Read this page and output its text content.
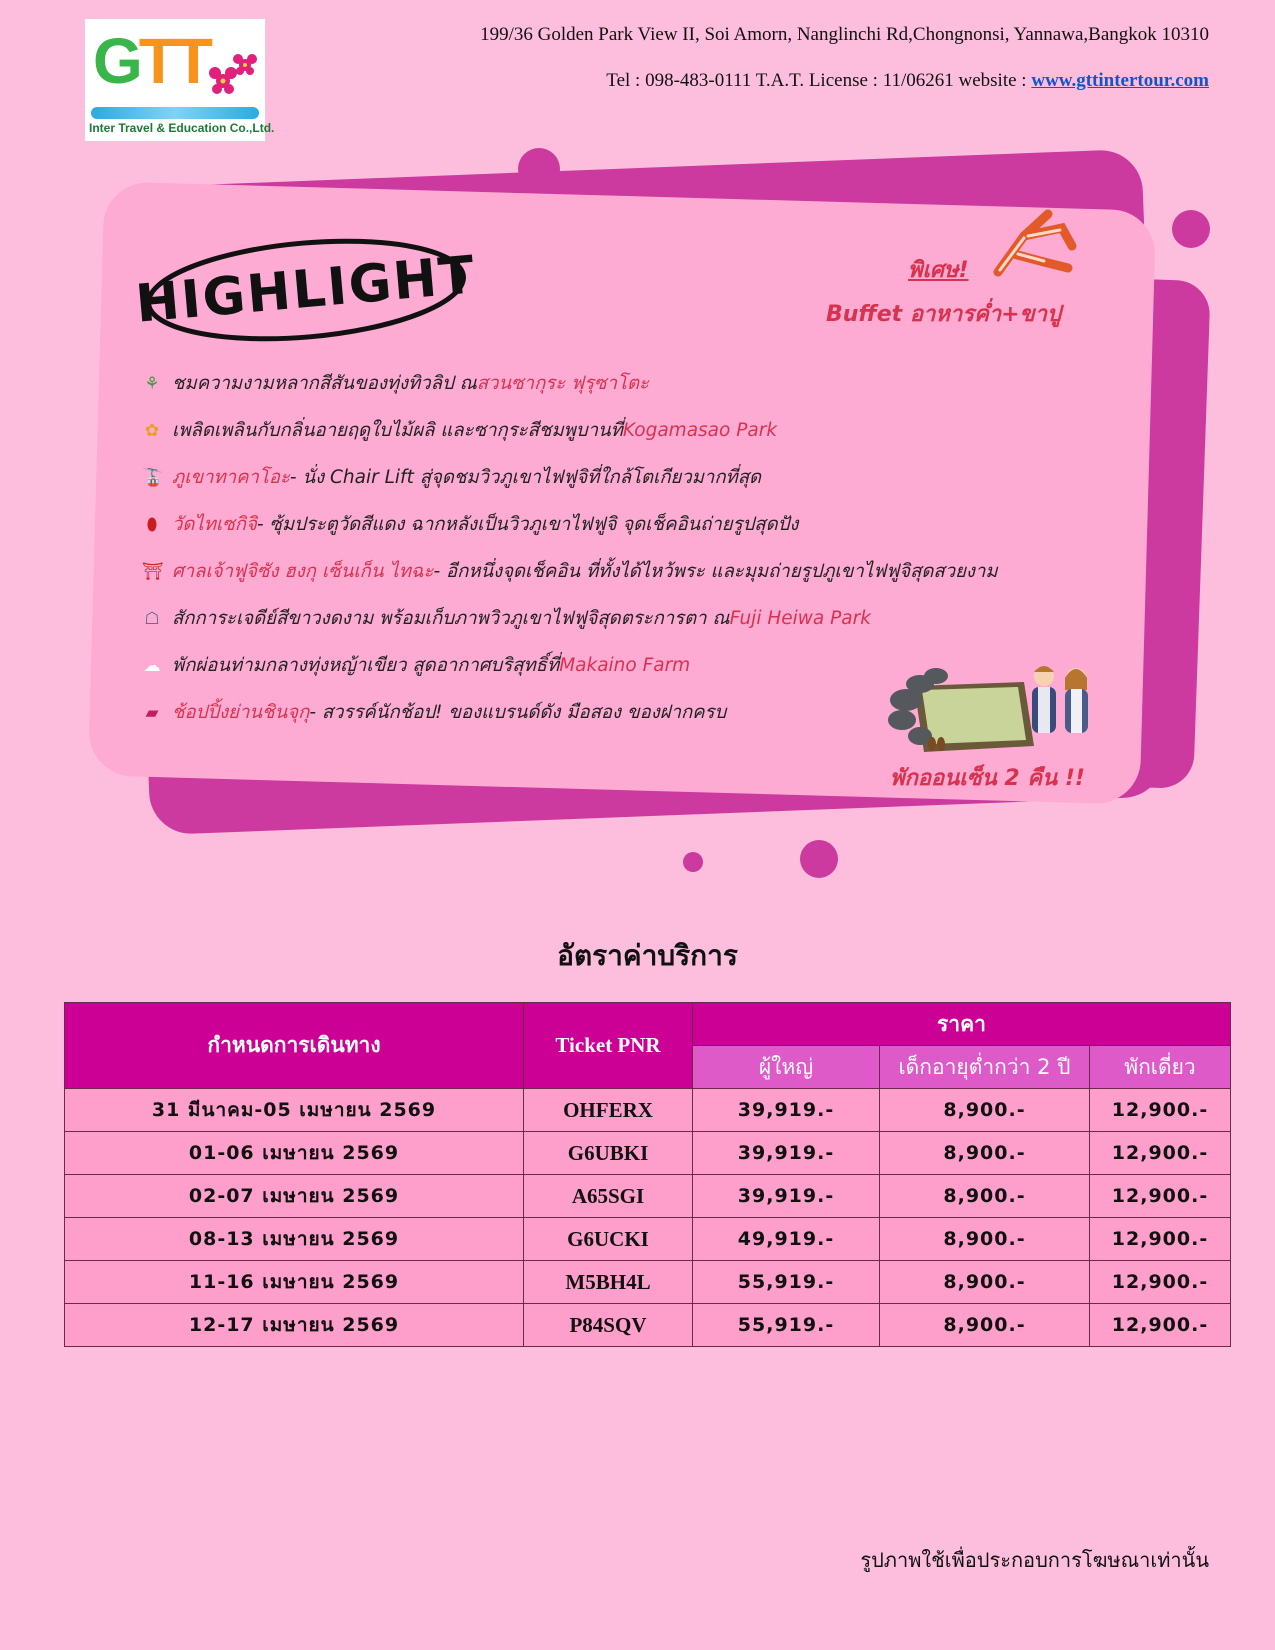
GTT
Inter Travel & Education Co.,Ltd.
199/36 Golden Park View II, Soi Amorn, Nanglinchi Rd,Chongnonsi, Yannawa,Bangkok 10310
Tel : 098-483-0111 T.A.T. License : 11/06261 website : www.gttintertour.com
HIGHLIGHT	พิเศษ!
Buffet อาหารค่ำ+ขาปู
พักออนเซ็น 2 คืน !!
⚘ ชมความงามหลากสีสันของทุ่งทิวลิป ณ สวนซากุระ ฟุรุซาโตะ
✿ เพลิดเพลินกับกลิ่นอายฤดูใบไม้ผลิ และซากุระสีชมพูบานที่ Kogamasao Park
🚡 ภูเขาทาคาโอะ - นั่ง Chair Lift สู่จุดชมวิวภูเขาไฟฟูจิที่ใกล้โตเกียวมากที่สุด
⬮ วัดไทเซกิจิ - ซุ้มประตูวัดสีแดง ฉากหลังเป็นวิวภูเขาไฟฟูจิ จุดเช็คอินถ่ายรูปสุดปัง
⛩ ศาลเจ้าฟูจิซัง ฮงกุ เซ็นเก็น ไทฉะ - อีกหนึ่งจุดเช็คอิน ที่ทั้งได้ไหว้พระ และมุมถ่ายรูปภูเขาไฟฟูจิสุดสวยงาม
☖ สักการะเจดีย์สีขาวงดงาม พร้อมเก็บภาพวิวภูเขาไฟฟูจิสุดตระการตา ณ Fuji Heiwa Park
☁ พักผ่อนท่ามกลางทุ่งหญ้าเขียว สูดอากาศบริสุทธิ์ที่ Makaino Farm
▰ ช้อปปิ้งย่านชินจุกุ - สวรรค์นักช้อป! ของแบรนด์ดัง มือสอง ของฝากครบ
อัตราค่าบริการ
กำหนดการเดินทาง	Ticket PNR	ราคา		
		ผู้ใหญ่	เด็กอายุต่ำกว่า 2 ปี	พักเดี่ยว
31 มีนาคม-05 เมษายน 2569	OHFERX	39,919.-	8,900.-	12,900.-
01-06 เมษายน 2569	G6UBKI	39,919.-	8,900.-	12,900.-
02-07 เมษายน 2569	A65SGI	39,919.-	8,900.-	12,900.-
08-13 เมษายน 2569	G6UCKI	49,919.-	8,900.-	12,900.-
11-16 เมษายน 2569	M5BH4L	55,919.-	8,900.-	12,900.-
12-17 เมษายน 2569	P84SQV	55,919.-	8,900.-	12,900.-
รูปภาพใช้เพื่อประกอบการโฆษณาเท่านั้น
